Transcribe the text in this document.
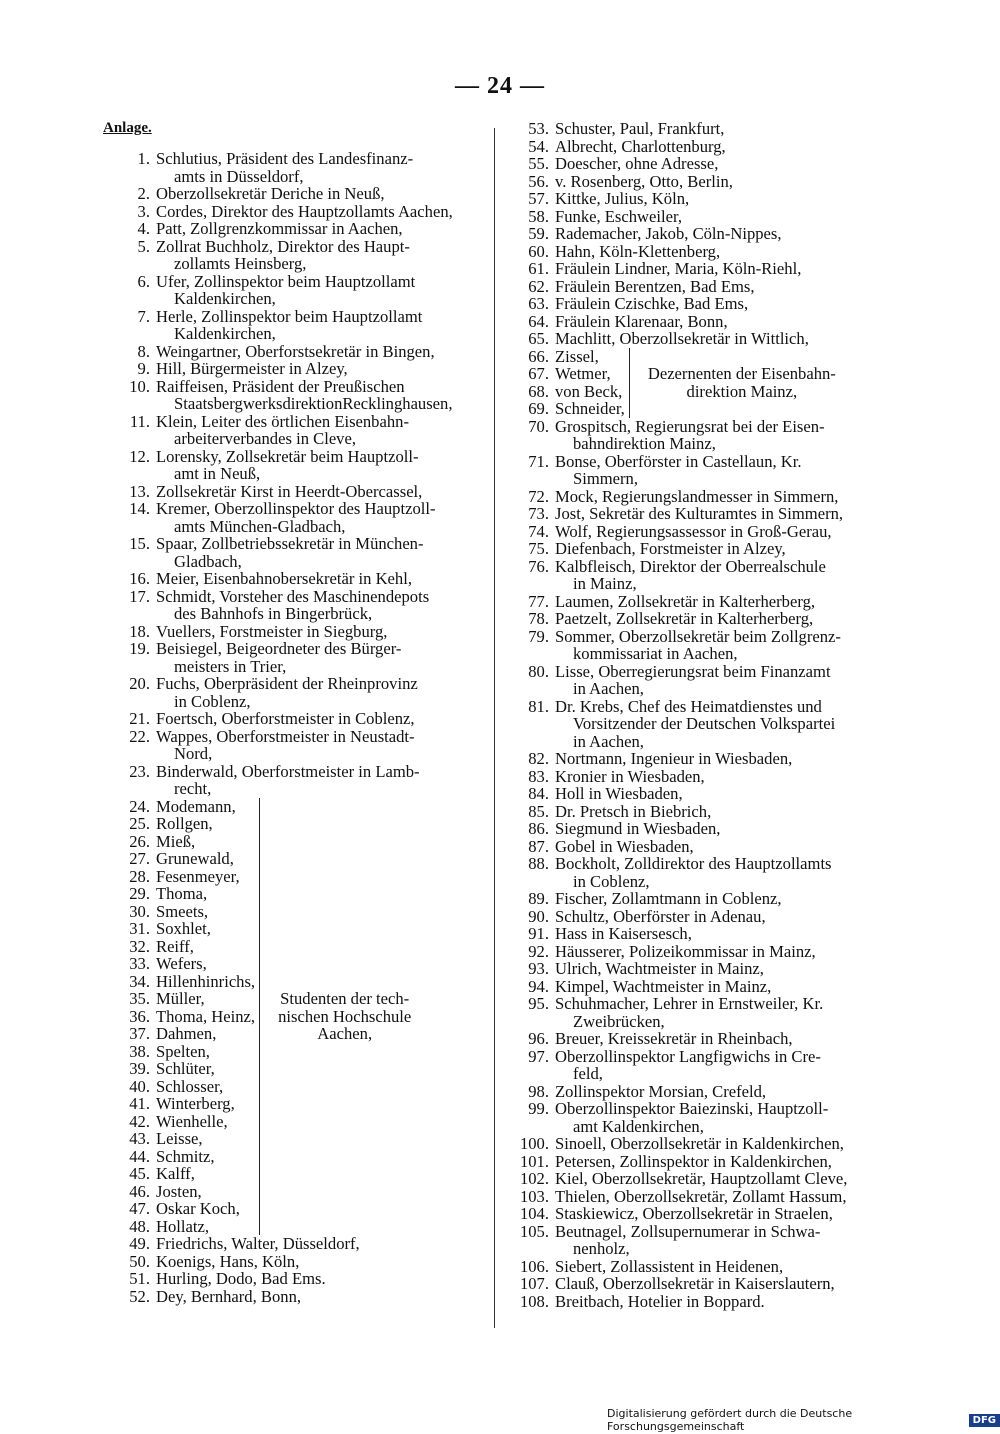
— 24 —
Anlage.
1. Schlutius, Präsident des Landesfinanz-
amts in Düsseldorf,
2. Oberzollsekretär Deriche in Neuß,
3. Cordes, Direktor des Hauptzollamts Aachen,
4. Patt, Zollgrenzkommissar in Aachen,
5. Zollrat Buchholz, Direktor des Haupt-
zollamts Heinsberg,
6. Ufer, Zollinspektor beim Hauptzollamt
Kaldenkirchen,
7. Herle, Zollinspektor beim Hauptzollamt
Kaldenkirchen,
8. Weingartner, Oberforstsekretär in Bingen,
9. Hill, Bürgermeister in Alzey,
10. Raiffeisen, Präsident der Preußischen
StaatsbergwerksdirektionRecklinghausen,
11. Klein, Leiter des örtlichen Eisenbahn-
arbeiterverbandes in Cleve,
12. Lorensky, Zollsekretär beim Hauptzoll-
amt in Neuß,
13. Zollsekretär Kirst in Heerdt-Obercassel,
14. Kremer, Oberzollinspektor des Hauptzoll-
amts München-Gladbach,
15. Spaar, Zollbetriebssekretär in München-
Gladbach,
16. Meier, Eisenbahnobersekretär in Kehl,
17. Schmidt, Vorsteher des Maschinendepots
des Bahnhofs in Bingerbrück,
18. Vuellers, Forstmeister in Siegburg,
19. Beisiegel, Beigeordneter des Bürger-
meisters in Trier,
20. Fuchs, Oberpräsident der Rheinprovinz
in Coblenz,
21. Foertsch, Oberforstmeister in Coblenz,
22. Wappes, Oberforstmeister in Neustadt-
Nord,
23. Binderwald, Oberforstmeister in Lamb-
recht,
24. Modemann,
25. Rollgen,
26. Mieß,
27. Grunewald,
28. Fesenmeyer,
29. Thoma,
30. Smeets,
31. Soxhlet,
32. Reiff,
33. Wefers,
34. Hillenhinrichs,
35. Müller,
36. Thoma, Heinz,
37. Dahmen,
38. Spelten,
39. Schlüter,
40. Schlosser,
41. Winterberg,
42. Wienhelle,
43. Leisse,
44. Schmitz,
45. Kalff,
46. Josten,
47. Oskar Koch,
48. Hollatz,
Studenten der tech-
nischen Hochschule
Aachen,
49. Friedrichs, Walter, Düsseldorf,
50. Koenigs, Hans, Köln,
51. Hurling, Dodo, Bad Ems.
52. Dey, Bernhard, Bonn,
53. Schuster, Paul, Frankfurt,
54. Albrecht, Charlottenburg,
55. Doescher, ohne Adresse,
56. v. Rosenberg, Otto, Berlin,
57. Kittke, Julius, Köln,
58. Funke, Eschweiler,
59. Rademacher, Jakob, Cöln-Nippes,
60. Hahn, Köln-Klettenberg,
61. Fräulein Lindner, Maria, Köln-Riehl,
62. Fräulein Berentzen, Bad Ems,
63. Fräulein Czischke, Bad Ems,
64. Fräulein Klarenaar, Bonn,
65. Machlitt, Oberzollsekretär in Wittlich,
66. Zissel,
67. Wetmer,
68. von Beck,
69. Schneider,
Dezernenten der Eisenbahn-
direktion Mainz,
70. Grospitsch, Regierungsrat bei der Eisen-
bahndirektion Mainz,
71. Bonse, Oberförster in Castellaun, Kr.
Simmern,
72. Mock, Regierungslandmesser in Simmern,
73. Jost, Sekretär des Kulturamtes in Simmern,
74. Wolf, Regierungsassessor in Groß-Gerau,
75. Diefenbach, Forstmeister in Alzey,
76. Kalbfleisch, Direktor der Oberrealschule
in Mainz,
77. Laumen, Zollsekretär in Kalterherberg,
78. Paetzelt, Zollsekretär in Kalterherberg,
79. Sommer, Oberzollsekretär beim Zollgrenz-
kommissariat in Aachen,
80. Lisse, Oberregierungsrat beim Finanzamt
in Aachen,
81. Dr. Krebs, Chef des Heimatdienstes und
Vorsitzender der Deutschen Volkspartei
in Aachen,
82. Nortmann, Ingenieur in Wiesbaden,
83. Kronier in Wiesbaden,
84. Holl in Wiesbaden,
85. Dr. Pretsch in Biebrich,
86. Siegmund in Wiesbaden,
87. Gobel in Wiesbaden,
88. Bockholt, Zolldirektor des Hauptzollamts
in Coblenz,
89. Fischer, Zollamtmann in Coblenz,
90. Schultz, Oberförster in Adenau,
91. Hass in Kaisersesch,
92. Häusserer, Polizeikommissar in Mainz,
93. Ulrich, Wachtmeister in Mainz,
94. Kimpel, Wachtmeister in Mainz,
95. Schuhmacher, Lehrer in Ernstweiler, Kr.
Zweibrücken,
96. Breuer, Kreissekretär in Rheinbach,
97. Oberzollinspektor Langfigwichs in Cre-
feld,
98. Zollinspektor Morsian, Crefeld,
99. Oberzollinspektor Baiezinski, Hauptzoll-
amt Kaldenkirchen,
100. Sinoell, Oberzollsekretär in Kaldenkirchen,
101. Petersen, Zollinspektor in Kaldenkirchen,
102. Kiel, Oberzollsekretär, Hauptzollamt Cleve,
103. Thielen, Oberzollsekretär, Zollamt Hassum,
104. Staskiewicz, Oberzollsekretär in Straelen,
105. Beutnagel, Zollsupernumerar in Schwa-
nenholz,
106. Siebert, Zollassistent in Heidenen,
107. Clauß, Oberzollsekretär in Kaiserslautern,
108. Breitbach, Hotelier in Boppard.
Digitalisierung gefördert durch die Deutsche Forschungsgemeinschaft	DFG
